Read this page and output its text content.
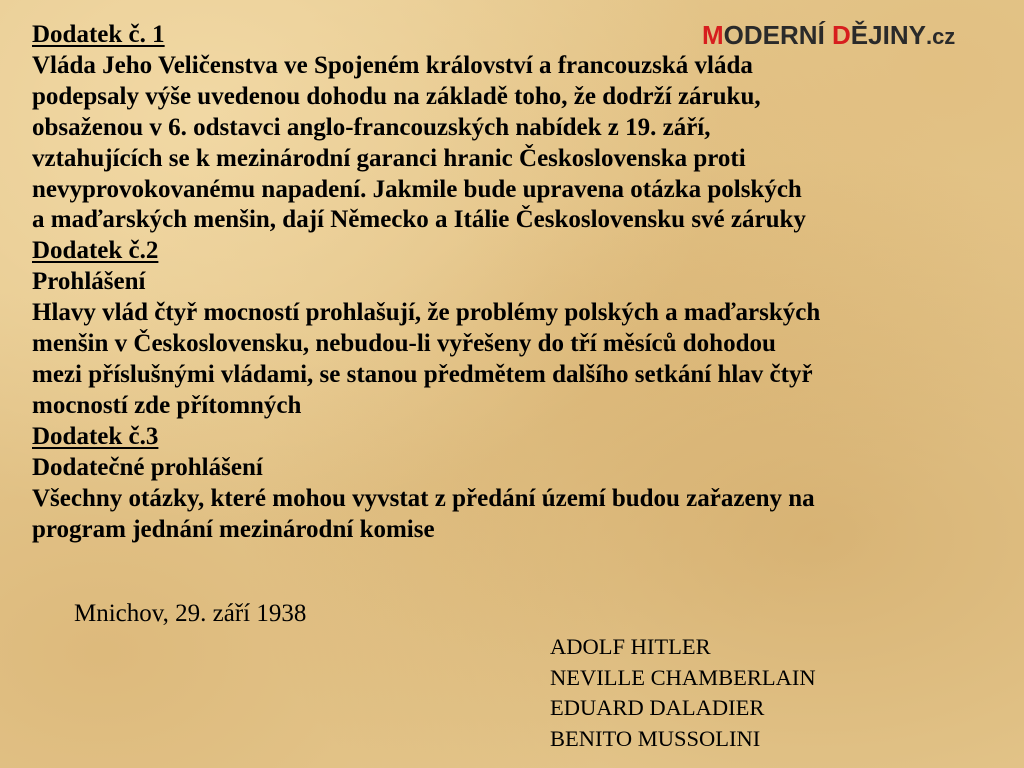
MODERNÍ DĚJINY.cz
Dodatek č. 1
Vláda Jeho Veličenstva ve Spojeném království a francouzská vláda
podepsaly výše uvedenou dohodu na základě toho, že dodrží záruku,
obsaženou v 6. odstavci anglo-francouzských nabídek z 19. září,
vztahujících se k mezinárodní garanci hranic Československa proti
nevyprovokovanému napadení. Jakmile bude upravena otázka polských
a maďarských menšin, dají Německo a Itálie Československu své záruky
Dodatek č.2
Prohlášení
Hlavy vlád čtyř mocností prohlašují, že problémy polských a maďarských
menšin v Československu, nebudou-li vyřešeny do tří měsíců dohodou
mezi příslušnými vládami, se stanou předmětem dalšího setkání hlav čtyř
mocností zde přítomných
Dodatek č.3
Dodatečné prohlášení
Všechny otázky, které mohou vyvstat z předání území budou zařazeny na
program jednání mezinárodní komise
Mnichov, 29. září 1938
ADOLF HITLER
NEVILLE CHAMBERLAIN
EDUARD DALADIER
BENITO MUSSOLINI
